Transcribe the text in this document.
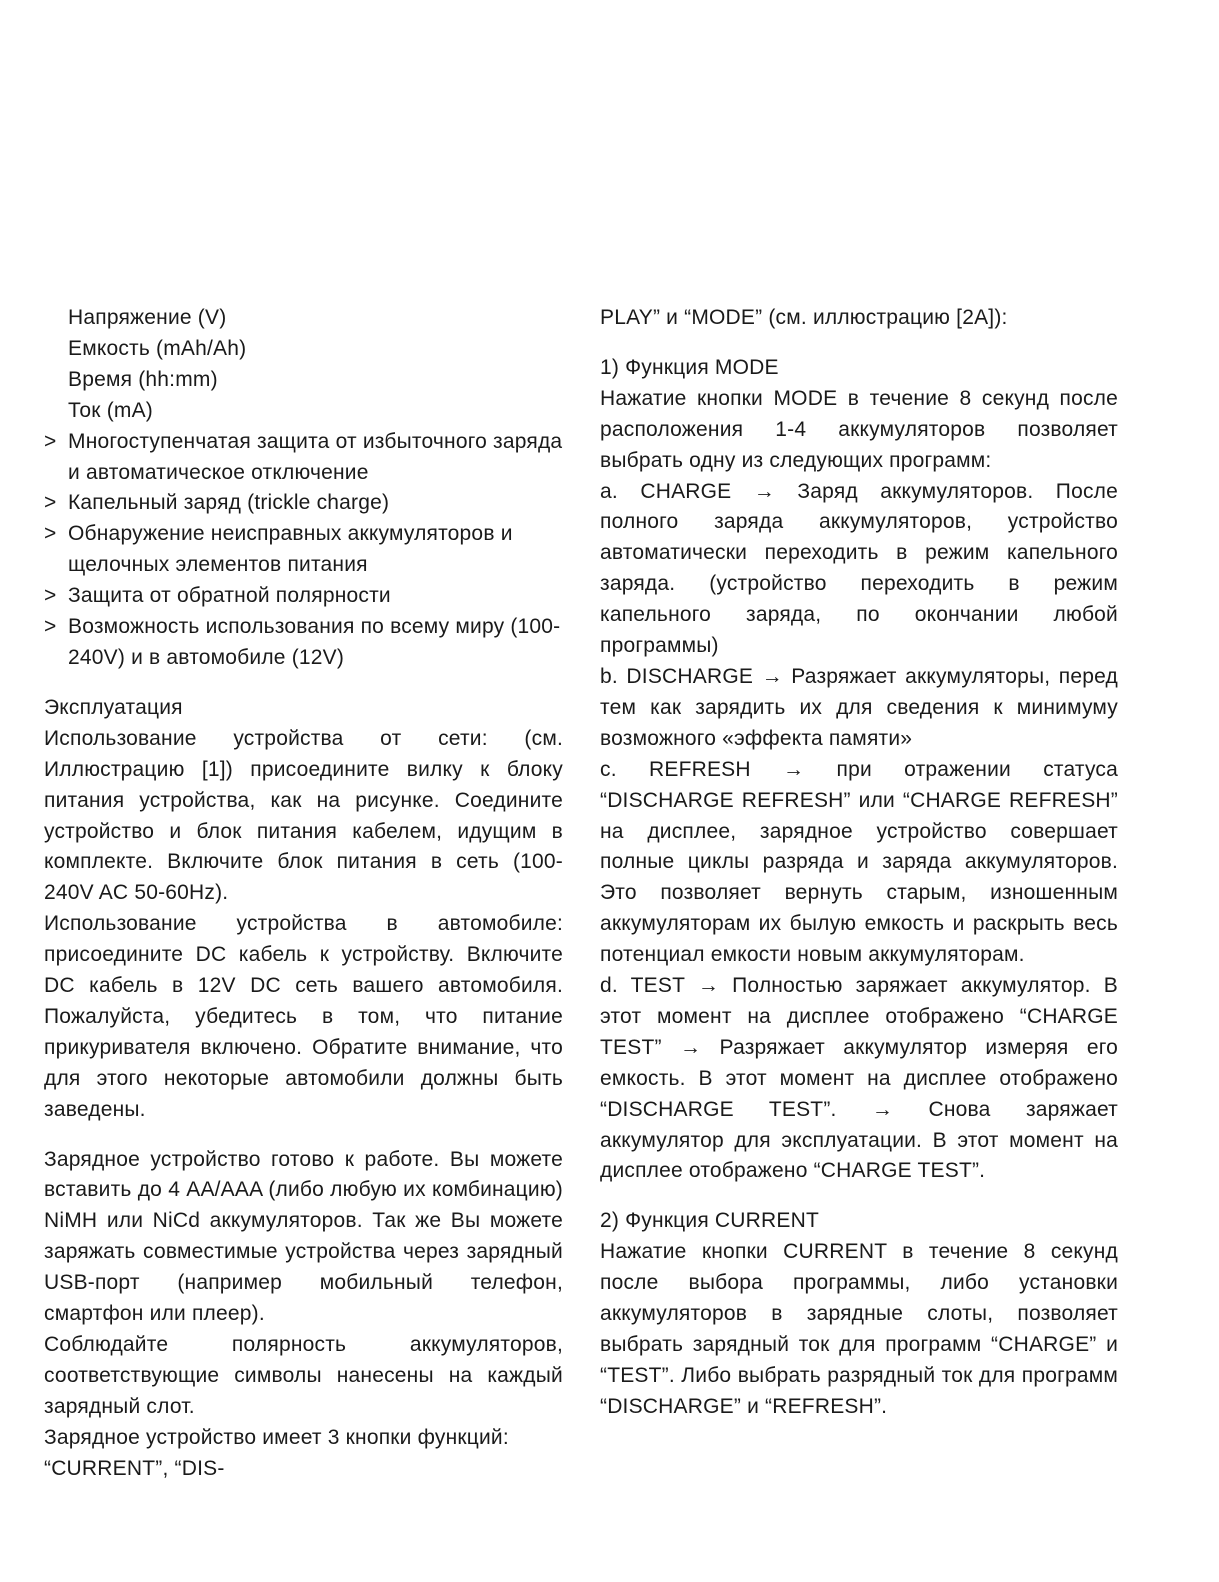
Напряжение (V)

Емкость (mAh/Ah)

Время (hh:mm)

Ток (mA)

> Многоступенчатая защита от избыточного заряда и автоматическое отключение
> Капельный заряд (trickle charge)
> Обнаружение неисправных аккумуляторов и щелочных элементов питания
> Защита от обратной полярности
> Возможность использования по всему миру (100-240V) и в автомобиле (12V)

Эксплуатация

Использование устройства от сети: (см. Иллюстрацию [1]) присоедините вилку к блоку питания устройства, как на рисунке. Соедините устройство и блок питания кабелем, идущим в комплекте. Включите блок питания в сеть (100-240V AC 50-60Hz).

Использование устройства в автомобиле: присоедините DC кабель к устройству. Включите DC кабель в 12V DC сеть вашего автомобиля. Пожалуйста, убедитесь в том, что питание прикуривателя включено. Обратите внимание, что для этого некоторые автомобили должны быть заведены.

Зарядное устройство готово к работе. Вы можете вставить до 4 AA/AAA (либо любую их комбинацию) NiMH или NiCd аккумуляторов. Так же Вы можете заряжать совместимые устройства через зарядный USB-порт (например мобильный телефон, смартфон или плеер).

Соблюдайте полярность аккумуляторов, соответствующие символы нанесены на каждый зарядный слот.

Зарядное устройство имеет 3 кнопки функций: “CURRENT”, “DIS-

PLAY” и “MODE” (см. иллюстрацию [2A]):

1) Функция MODE

Нажатие кнопки MODE в течение 8 секунд после расположения 1-4 аккумуляторов позволяет выбрать одну из следующих программ:

a. CHARGE → Заряд аккумуляторов. После полного заряда аккумуляторов, устройство автоматически переходить в режим капельного заряда. (устройство переходить в режим капельного заряда, по окончании любой программы)

b. DISCHARGE → Разряжает аккумуляторы, перед тем как зарядить их для сведения к минимуму возможного «эффекта памяти»

c. REFRESH → при отражении статуса “DISCHARGE REFRESH” или “CHARGE REFRESH” на дисплее, зарядное устройство совершает полные циклы разряда и заряда аккумуляторов. Это позволяет вернуть старым, изношенным аккумуляторам их былую емкость и раскрыть весь потенциал емкости новым аккумуляторам.

d. TEST → Полностью заряжает аккумулятор. В этот момент на дисплее отображено “CHARGE TEST” → Разряжает аккумулятор измеряя его емкость. В этот момент на дисплее отображено “DISCHARGE TEST”. → Снова заряжает аккумулятор для эксплуатации. В этот момент на дисплее отображено “CHARGE TEST”.

2) Функция CURRENT

Нажатие кнопки CURRENT в течение 8 секунд после выбора программы, либо установки аккумуляторов в зарядные слоты, позволяет выбрать зарядный ток для программ “CHARGE” и “TEST”. Либо выбрать разрядный ток для программ “DISCHARGE” и “REFRESH”.
